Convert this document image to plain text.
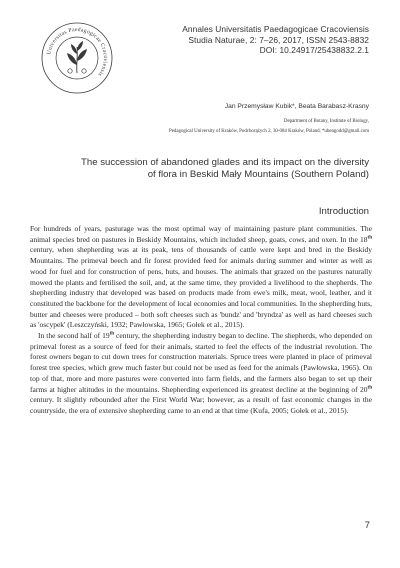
Universitas Paedagogicae Cracoviensis
Annales Universitatis Paedagogicae Cracoviensis
Studia Naturae, 2: 7–26, 2017, ISSN 2543-8832
DOI: 10.24917/25438832.2.1
Jan Przemysław Kubik*, Beata Barabasz-Krasny
Department of Botany, Institute of Biology,
Pedagogical University of Kraków, Podchorążych 2, 30-084 Kraków, Poland, *ubengodd@gmail.com
The succession of abandoned glades and its impact on the diversity
of flora in Beskid Mały Mountains (Southern Poland)
Introduction

For hundreds of years, pasturage was the most optimal way of maintaining pasture plant communities. The animal species bred on pastures in Beskidy Mountains, which included sheep, goats, cows, and oxen. In the 18th century, when shepherding was at its peak, tens of thousands of cattle were kept and bred in the Beskidy Mountains. The primeval beech and fir forest provided feed for animals during summer and winter as well as wood for fuel and for construction of pens, huts, and houses. The animals that grazed on the pastures naturally mowed the plants and fertilised the soil, and, at the same time, they provided a livelihood to the shepherds. The shepherding industry that developed was based on products made from ewe's milk, meat, wool, leather, and it constituted the backbone for the development of local economies and local communities. In the shepherding huts, butter and cheeses were produced – both soft cheeses such as 'bundz' and 'bryndza' as well as hard cheeses such as 'oscypek' (Leszczyński, 1932; Pawłowska, 1965; Gołek et al., 2015).

In the second half of 19th century, the shepherding industry began to decline. The shepherds, who depended on primeval forest as a source of feed for their animals, started to feel the effects of the industrial revolution. The forest owners began to cut down trees for construction materials. Spruce trees were planted in place of primeval forest tree species, which grew much faster but could not be used as feed for the animals (Pawłowska, 1965). On top of that, more and more pastures were converted into farm fields, and the farmers also began to set up their farms at higher altitudes in the mountains. Shepherding experienced its greatest decline at the beginning of 20th century. It slightly rebounded after the First World War; however, as a result of fast economic changes in the countryside, the era of extensive shepherding came to an end at that time (Kufa, 2005; Gołek et al., 2015).

7
